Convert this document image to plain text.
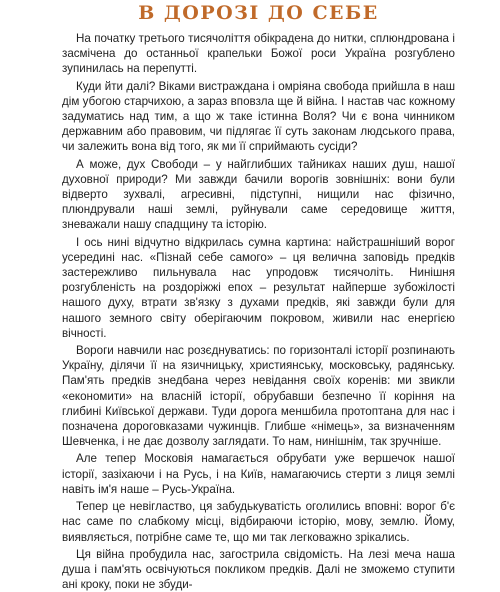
В ДОРОЗІ ДО СЕБЕ

На початку третього тисячоліття обікрадена до нитки, сплюндрована і засмічена до останньої крапельки Божої роси Україна розгублено зупинилась на перепутті.

Куди йти далі? Віками вистраждана і омріяна свобода прийшла в наш дім убогою старчихою, а зараз вповзла ще й війна. І настав час кожному задуматись над тим, а що ж таке істинна Воля? Чи є вона чинником державним або правовим, чи підлягає її суть законам людського права, чи залежить вона від того, як ми її сприймають сусіди?

А може, дух Свободи – у найглибших тайниках наших душ, нашої духовної природи? Ми завжди бачили ворогів зовнішніх: вони були відверто зухвалі, агресивні, підступні, нищили нас фізично, плюндрували наші землі, руйнували саме середовище життя, зневажали нашу спадщину та історію.

І ось нині відчутно відкрилась сумна картина: найстрашніший ворог усередині нас. «Пізнай себе самого» – ця велична заповідь предків застережливо пильнувала нас упродовж тисячоліть. Нинішня розгубленість на роздоріжжі епох – результат найперше зубожілості нашого духу, втрати зв'язку з духами предків, які завжди були для нашого земного світу оберігаючим покровом, живили нас енергією вічності.

Вороги навчили нас розєднуватись: по горизонталі історії розпинають Україну, ділячи її на язичницьку, християнську, московську, радянську. Пам'ять предків знедбана через невідання своїх коренів: ми звикли «економити» на власній історії, обрубавши безпечно її коріння на глибині Київської держави. Туди дорога меншбила протоптана для нас і позначена дороговказами чужинців. Глибше «німець», за визначенням Шевченка, і не дає дозволу заглядати. То нам, нинішнім, так зручніше.

Але тепер Московія намагається обрубати уже вершечок нашої історії, зазіхаючи і на Русь, і на Київ, намагаючись стерти з лиця землі навіть ім'я наше – Русь-Україна.

Тепер це невігластво, ця забудькуватість оголились вповні: ворог б'є нас саме по слабкому місці, відбираючи історію, мову, землю. Йому, виявляється, потрібне саме те, що ми так легковажно зрікались.

Ця війна пробудила нас, загострила свідомість. На лезі меча наша душа і пам'ять освічуються покликом предків. Далі не зможемо ступити ані кроку, поки не збуди-
